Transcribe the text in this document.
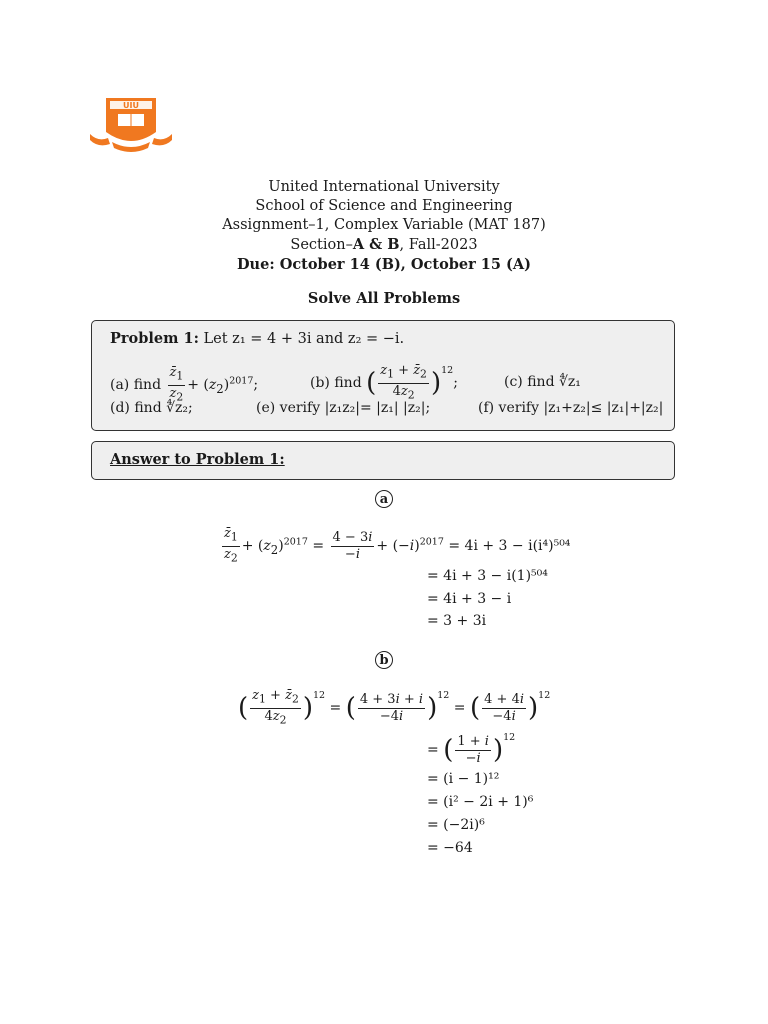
UIU
United International University
School of Science and Engineering
Assignment–1, Complex Variable (MAT 187)
Section–A & B, Fall-2023
Due: October 14 (B), October 15 (A)
Solve All Problems
Problem 1: Let z₁ = 4 + 3i and z₂ = −i.
(a) find $\frac{z̄_1}{z_2} + (z_2)^{2017}$;	(b) find ( $\frac{z_1 + z̄_2}{4z_2} )^{12}$;	(c) find ∜z₁
(d) find ∜z₂;	(e) verify |z₁z₂|= |z₁| |z₂|;	(f) verify |z₁+z₂|≤ |z₁|+|z₂|
Answer to Problem 1:
a
$\frac{z̄_1}{z_2} + (z_2)^{2017} = \frac{4 - 3i}{-i} + (-i)^{2017} = 4i + 3 - i(i^4)^{504}$
= 4i + 3 − i(1)⁵⁰⁴
= 4i + 3 − i
= 3 + 3i
b
( $\frac{z_1 + z̄_2}{4z_2} )^{12}$ = ( $\frac{4 + 3i + i}{-4i} )^{12}$ = ( $\frac{4 + 4i}{-4i} )^{12}$
= ( $\frac{1 + i}{-i} )^{12}$
= (i − 1)¹²
= (i² − 2i + 1)⁶
= (−2i)⁶
= −64
